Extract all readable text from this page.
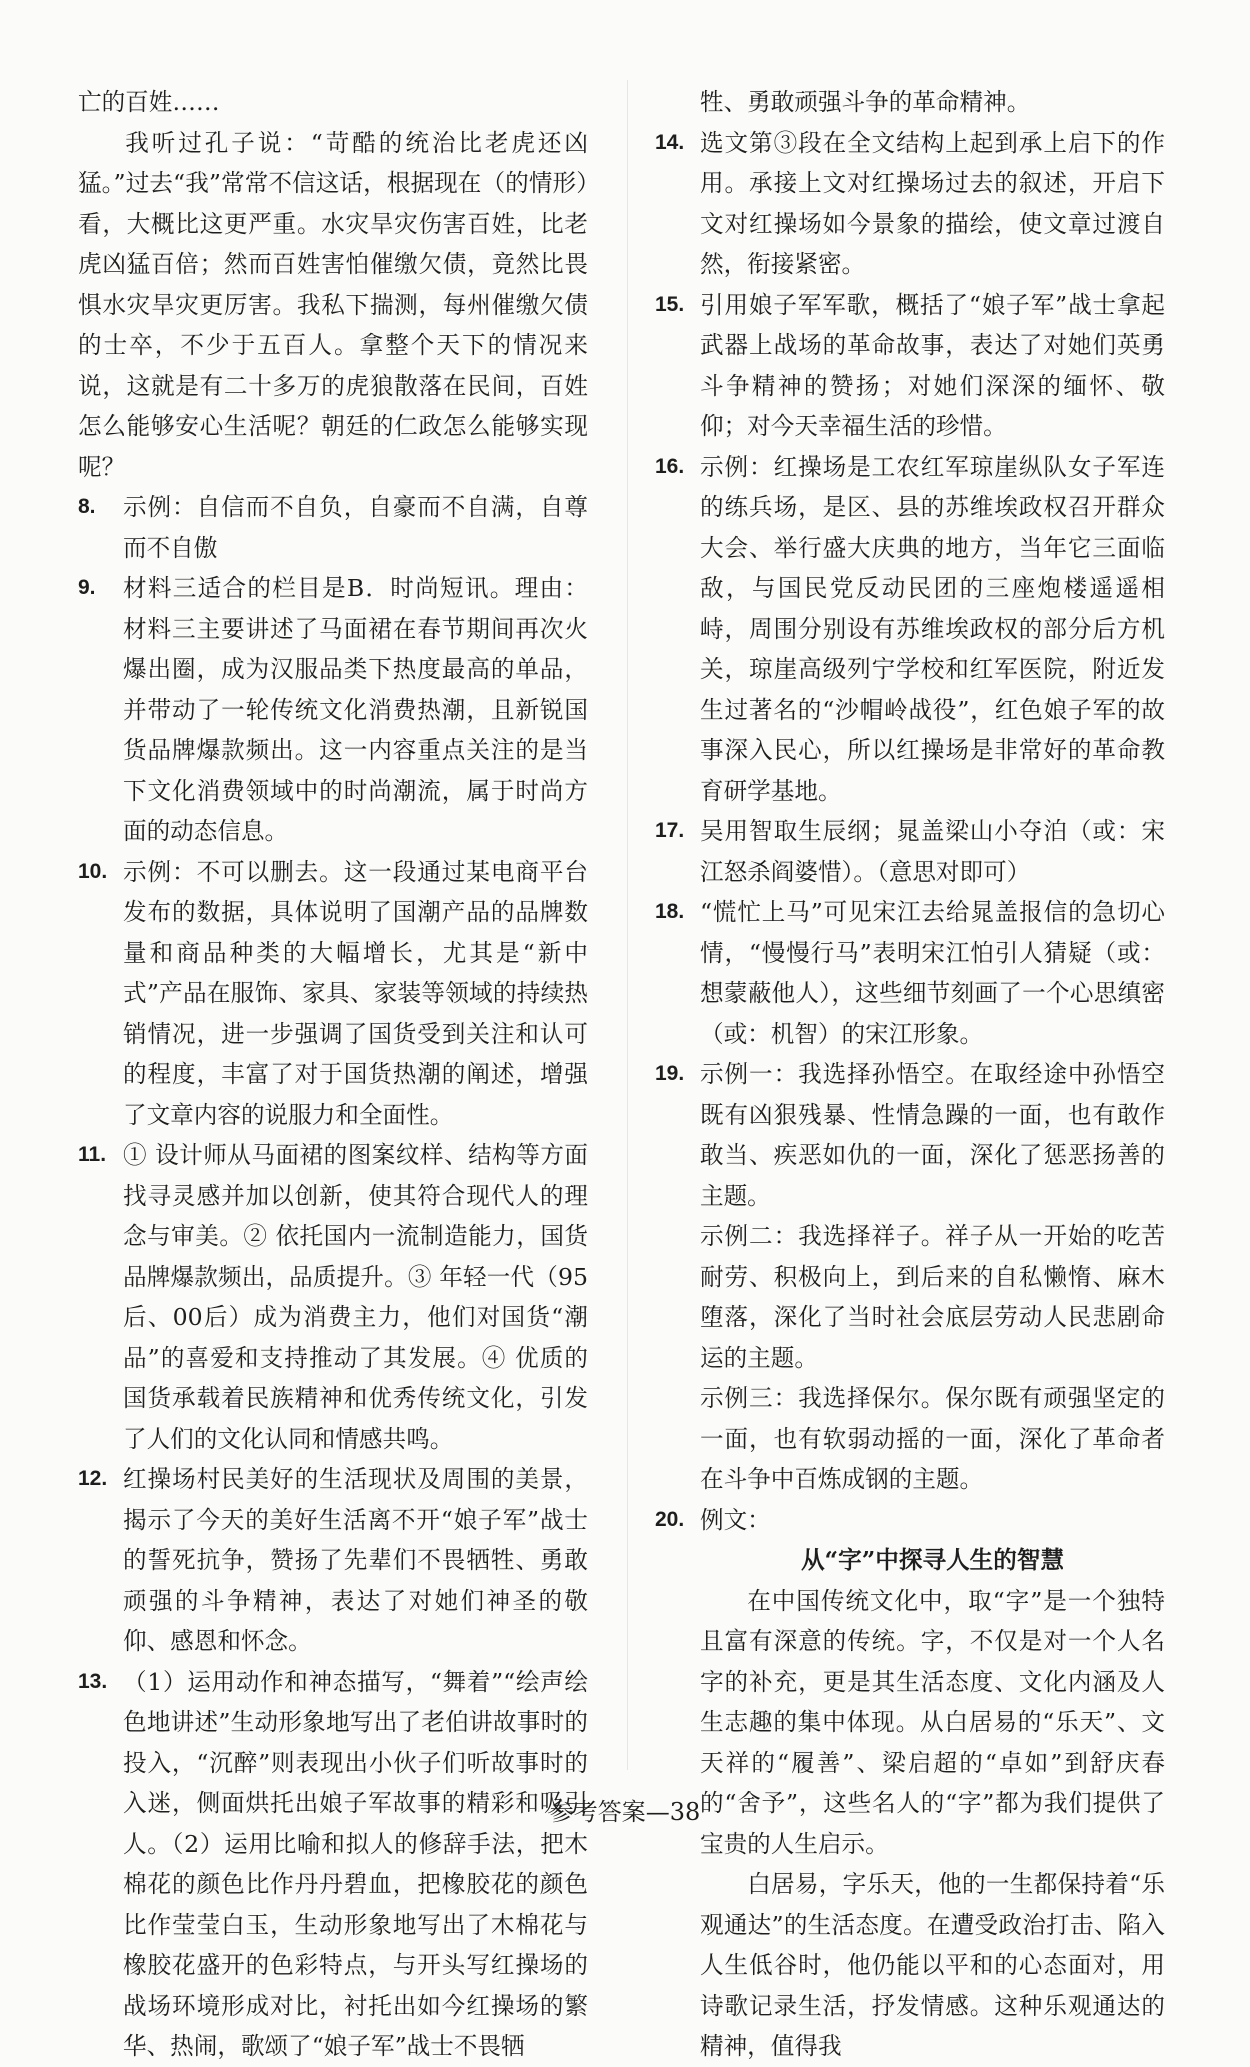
亡的百姓……

我听过孔子说：“苛酷的统治比老虎还凶猛。”过去“我”常常不信这话，根据现在（的情形）看，大概比这更严重。水灾旱灾伤害百姓，比老虎凶猛百倍；然而百姓害怕催缴欠债，竟然比畏惧水灾旱灾更厉害。我私下揣测，每州催缴欠债的士卒，不少于五百人。拿整个天下的情况来说，这就是有二十多万的虎狼散落在民间，百姓怎么能够安心生活呢？朝廷的仁政怎么能够实现呢？

8.	示例：自信而不自负，自豪而不自满，自尊而不自傲

9.	材料三适合的栏目是B．时尚短讯。理由：材料三主要讲述了马面裙在春节期间再次火爆出圈，成为汉服品类下热度最高的单品，并带动了一轮传统文化消费热潮，且新锐国货品牌爆款频出。这一内容重点关注的是当下文化消费领域中的时尚潮流，属于时尚方面的动态信息。

10. 示例：不可以删去。这一段通过某电商平台发布的数据，具体说明了国潮产品的品牌数量和商品种类的大幅增长，尤其是“新中式”产品在服饰、家具、家装等领域的持续热销情况，进一步强调了国货受到关注和认可的程度，丰富了对于国货热潮的阐述，增强了文章内容的说服力和全面性。

11. ① 设计师从马面裙的图案纹样、结构等方面找寻灵感并加以创新，使其符合现代人的理念与审美。② 依托国内一流制造能力，国货品牌爆款频出，品质提升。③ 年轻一代（95后、00后）成为消费主力，他们对国货“潮品”的喜爱和支持推动了其发展。④ 优质的国货承载着民族精神和优秀传统文化，引发了人们的文化认同和情感共鸣。

12. 红操场村民美好的生活现状及周围的美景，揭示了今天的美好生活离不开“娘子军”战士的誓死抗争，赞扬了先辈们不畏牺牲、勇敢顽强的斗争精神，表达了对她们神圣的敬仰、感恩和怀念。

13. （1）运用动作和神态描写，“舞着”“绘声绘色地讲述”生动形象地写出了老伯讲故事时的投入，“沉醉”则表现出小伙子们听故事时的入迷，侧面烘托出娘子军故事的精彩和吸引人。（2）运用比喻和拟人的修辞手法，把木棉花的颜色比作丹丹碧血，把橡胶花的颜色比作莹莹白玉，生动形象地写出了木棉花与橡胶花盛开的色彩特点，与开头写红操场的战场环境形成对比，衬托出如今红操场的繁华、热闹，歌颂了“娘子军”战士不畏牺

牲、勇敢顽强斗争的革命精神。

14. 选文第③段在全文结构上起到承上启下的作用。承接上文对红操场过去的叙述，开启下文对红操场如今景象的描绘，使文章过渡自然，衔接紧密。

15. 引用娘子军军歌，概括了“娘子军”战士拿起武器上战场的革命故事，表达了对她们英勇斗争精神的赞扬；对她们深深的缅怀、敬仰；对今天幸福生活的珍惜。

16. 示例：红操场是工农红军琼崖纵队女子军连的练兵场，是区、县的苏维埃政权召开群众大会、举行盛大庆典的地方，当年它三面临敌，与国民党反动民团的三座炮楼遥遥相峙，周围分别设有苏维埃政权的部分后方机关，琼崖高级列宁学校和红军医院，附近发生过著名的“沙帽岭战役”，红色娘子军的故事深入民心，所以红操场是非常好的革命教育研学基地。

17. 吴用智取生辰纲；晁盖梁山小夺泊（或：宋江怒杀阎婆惜）。（意思对即可）

18. “慌忙上马”可见宋江去给晁盖报信的急切心情，“慢慢行马”表明宋江怕引人猜疑（或：想蒙蔽他人），这些细节刻画了一个心思缜密（或：机智）的宋江形象。

19. 示例一：我选择孙悟空。在取经途中孙悟空既有凶狠残暴、性情急躁的一面，也有敢作敢当、疾恶如仇的一面，深化了惩恶扬善的主题。

示例二：我选择祥子。祥子从一开始的吃苦耐劳、积极向上，到后来的自私懒惰、麻木堕落，深化了当时社会底层劳动人民悲剧命运的主题。

示例三：我选择保尔。保尔既有顽强坚定的一面，也有软弱动摇的一面，深化了革命者在斗争中百炼成钢的主题。

20. 例文：

从“字”中探寻人生的智慧

在中国传统文化中，取“字”是一个独特且富有深意的传统。字，不仅是对一个人名字的补充，更是其生活态度、文化内涵及人生志趣的集中体现。从白居易的“乐天”、文天祥的“履善”、梁启超的“卓如”到舒庆春的“舍予”，这些名人的“字”都为我们提供了宝贵的人生启示。

白居易，字乐天，他的一生都保持着“乐观通达”的生活态度。在遭受政治打击、陷入人生低谷时，他仍能以平和的心态面对，用诗歌记录生活，抒发情感。这种乐观通达的精神，值得我

参考答案—38
